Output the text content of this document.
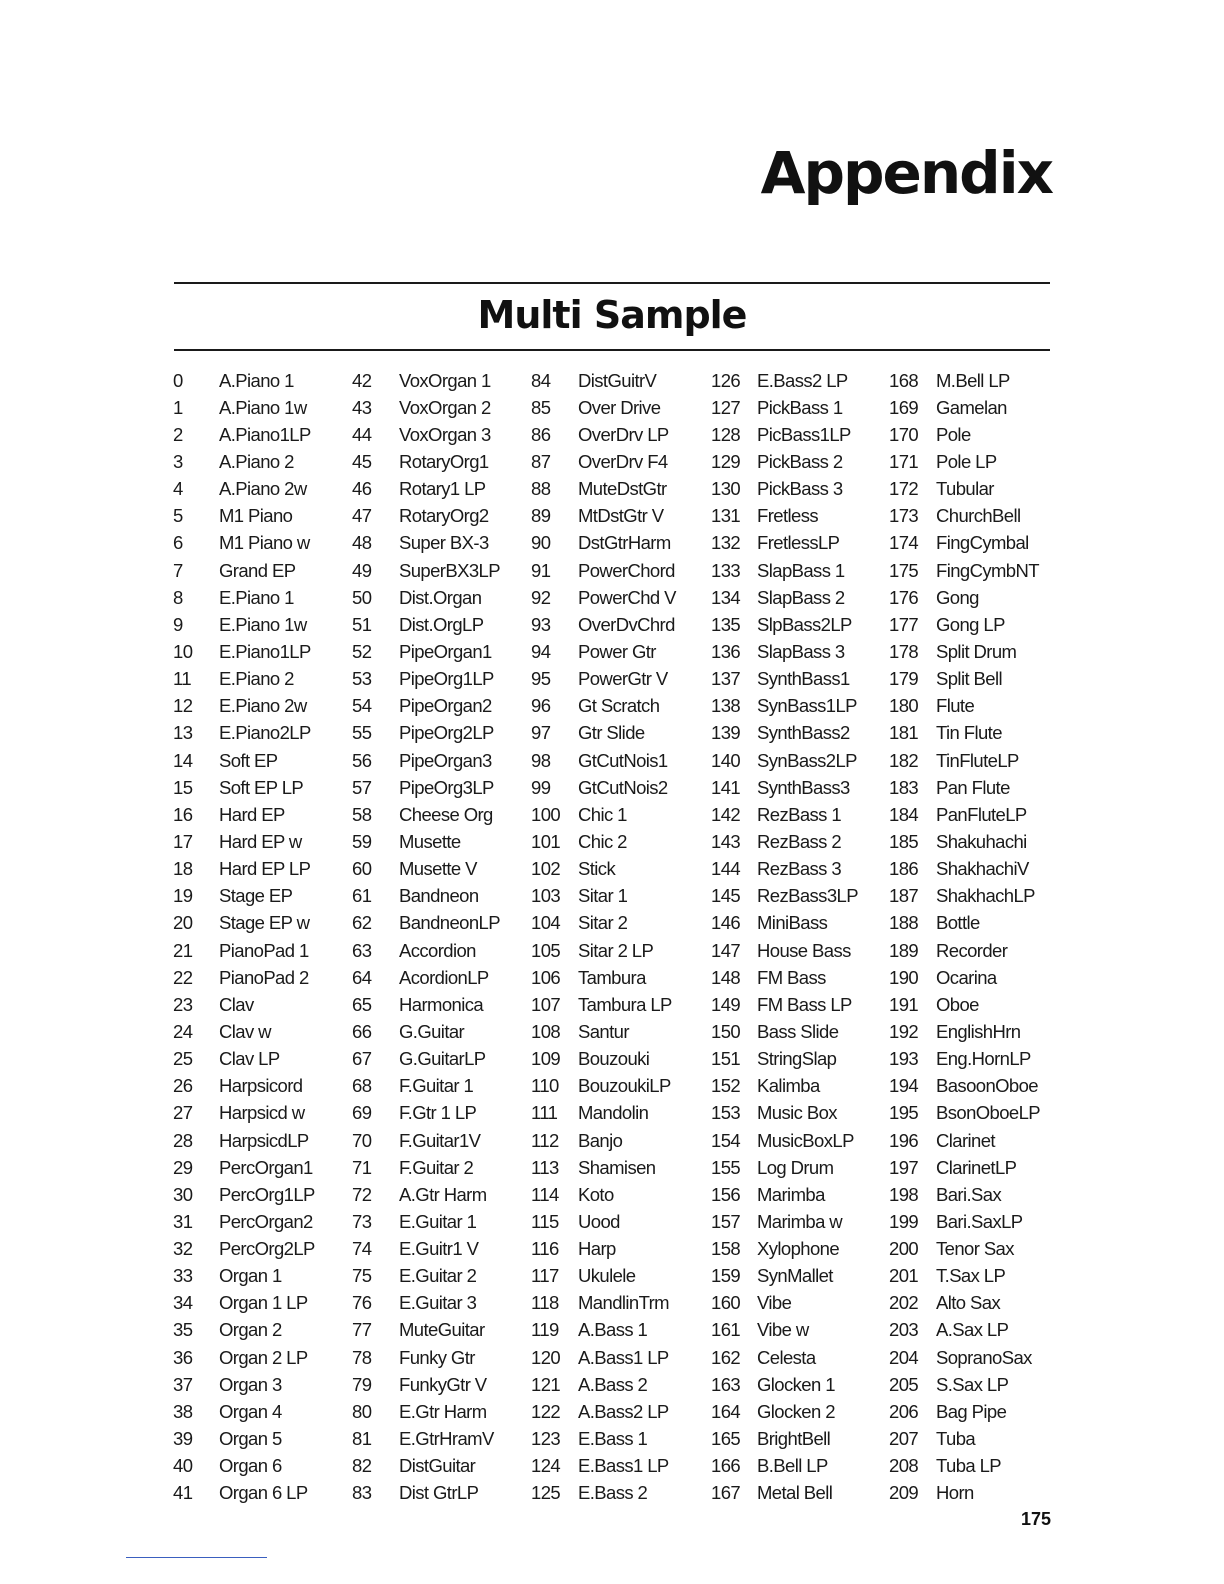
Appendix
Multi Sample
0	A.Piano 1
1	A.Piano 1w
2	A.Piano1LP
3	A.Piano 2
4	A.Piano 2w
5	M1 Piano
6	M1 Piano w
7	Grand EP
8	E.Piano 1
9	E.Piano 1w
10	E.Piano1LP
11	E.Piano 2
12	E.Piano 2w
13	E.Piano2LP
14	Soft EP
15	Soft EP LP
16	Hard EP
17	Hard EP w
18	Hard EP LP
19	Stage EP
20	Stage EP w
21	PianoPad 1
22	PianoPad 2
23	Clav
24	Clav w
25	Clav LP
26	Harpsicord
27	Harpsicd w
28	HarpsicdLP
29	PercOrgan1
30	PercOrg1LP
31	PercOrgan2
32	PercOrg2LP
33	Organ 1
34	Organ 1 LP
35	Organ 2
36	Organ 2 LP
37	Organ 3
38	Organ 4
39	Organ 5
40	Organ 6
41	Organ 6 LP
42	VoxOrgan 1
43	VoxOrgan 2
44	VoxOrgan 3
45	RotaryOrg1
46	Rotary1 LP
47	RotaryOrg2
48	Super BX-3
49	SuperBX3LP
50	Dist.Organ
51	Dist.OrgLP
52	PipeOrgan1
53	PipeOrg1LP
54	PipeOrgan2
55	PipeOrg2LP
56	PipeOrgan3
57	PipeOrg3LP
58	Cheese Org
59	Musette
60	Musette V
61	Bandneon
62	BandneonLP
63	Accordion
64	AcordionLP
65	Harmonica
66	G.Guitar
67	G.GuitarLP
68	F.Guitar 1
69	F.Gtr 1 LP
70	F.Guitar1V
71	F.Guitar 2
72	A.Gtr Harm
73	E.Guitar 1
74	E.Guitr1 V
75	E.Guitar 2
76	E.Guitar 3
77	MuteGuitar
78	Funky Gtr
79	FunkyGtr V
80	E.Gtr Harm
81	E.GtrHramV
82	DistGuitar
83	Dist GtrLP
84	DistGuitrV
85	Over Drive
86	OverDrv LP
87	OverDrv F4
88	MuteDstGtr
89	MtDstGtr V
90	DstGtrHarm
91	PowerChord
92	PowerChd V
93	OverDvChrd
94	Power Gtr
95	PowerGtr V
96	Gt Scratch
97	Gtr Slide
98	GtCutNois1
99	GtCutNois2
100 Chic 1
101 Chic 2
102 Stick
103 Sitar 1
104 Sitar 2
105 Sitar 2 LP
106 Tambura
107 Tambura LP
108 Santur
109 Bouzouki
110	BouzoukiLP
111	Mandolin
112	Banjo
113	Shamisen
114	Koto
115	Uood
116	Harp
117	Ukulele
118	MandlinTrm
119	A.Bass 1
120 A.Bass1 LP
121 A.Bass 2
122 A.Bass2 LP
123 E.Bass 1
124 E.Bass1 LP
125 E.Bass 2
126 E.Bass2 LP
127 PickBass 1
128 PicBass1LP
129 PickBass 2
130 PickBass 3
131 Fretless
132 FretlessLP
133 SlapBass 1
134 SlapBass 2
135 SlpBass2LP
136 SlapBass 3
137 SynthBass1
138 SynBass1LP
139 SynthBass2
140 SynBass2LP
141 SynthBass3
142 RezBass 1
143 RezBass 2
144 RezBass 3
145 RezBass3LP
146 MiniBass
147 House Bass
148 FM Bass
149 FM Bass LP
150 Bass Slide
151 StringSlap
152 Kalimba
153 Music Box
154 MusicBoxLP
155 Log Drum
156 Marimba
157 Marimba w
158 Xylophone
159 SynMallet
160 Vibe
161 Vibe w
162 Celesta
163 Glocken 1
164 Glocken 2
165 BrightBell
166 B.Bell LP
167 Metal Bell
168 M.Bell LP
169 Gamelan
170 Pole
171 Pole LP
172 Tubular
173 ChurchBell
174 FingCymbal
175 FingCymbNT
176 Gong
177 Gong LP
178 Split Drum
179 Split Bell
180 Flute
181 Tin Flute
182 TinFluteLP
183 Pan Flute
184 PanFluteLP
185 Shakuhachi
186 ShakhachiV
187 ShakhachLP
188 Bottle
189 Recorder
190 Ocarina
191 Oboe
192 EnglishHrn
193 Eng.HornLP
194 BasoonOboe
195 BsonOboeLP
196 Clarinet
197 ClarinetLP
198 Bari.Sax
199 Bari.SaxLP
200 Tenor Sax
201 T.Sax LP
202 Alto Sax
203 A.Sax LP
204 SopranoSax
205 S.Sax LP
206 Bag Pipe
207 Tuba
208 Tuba LP
209 Horn
175
